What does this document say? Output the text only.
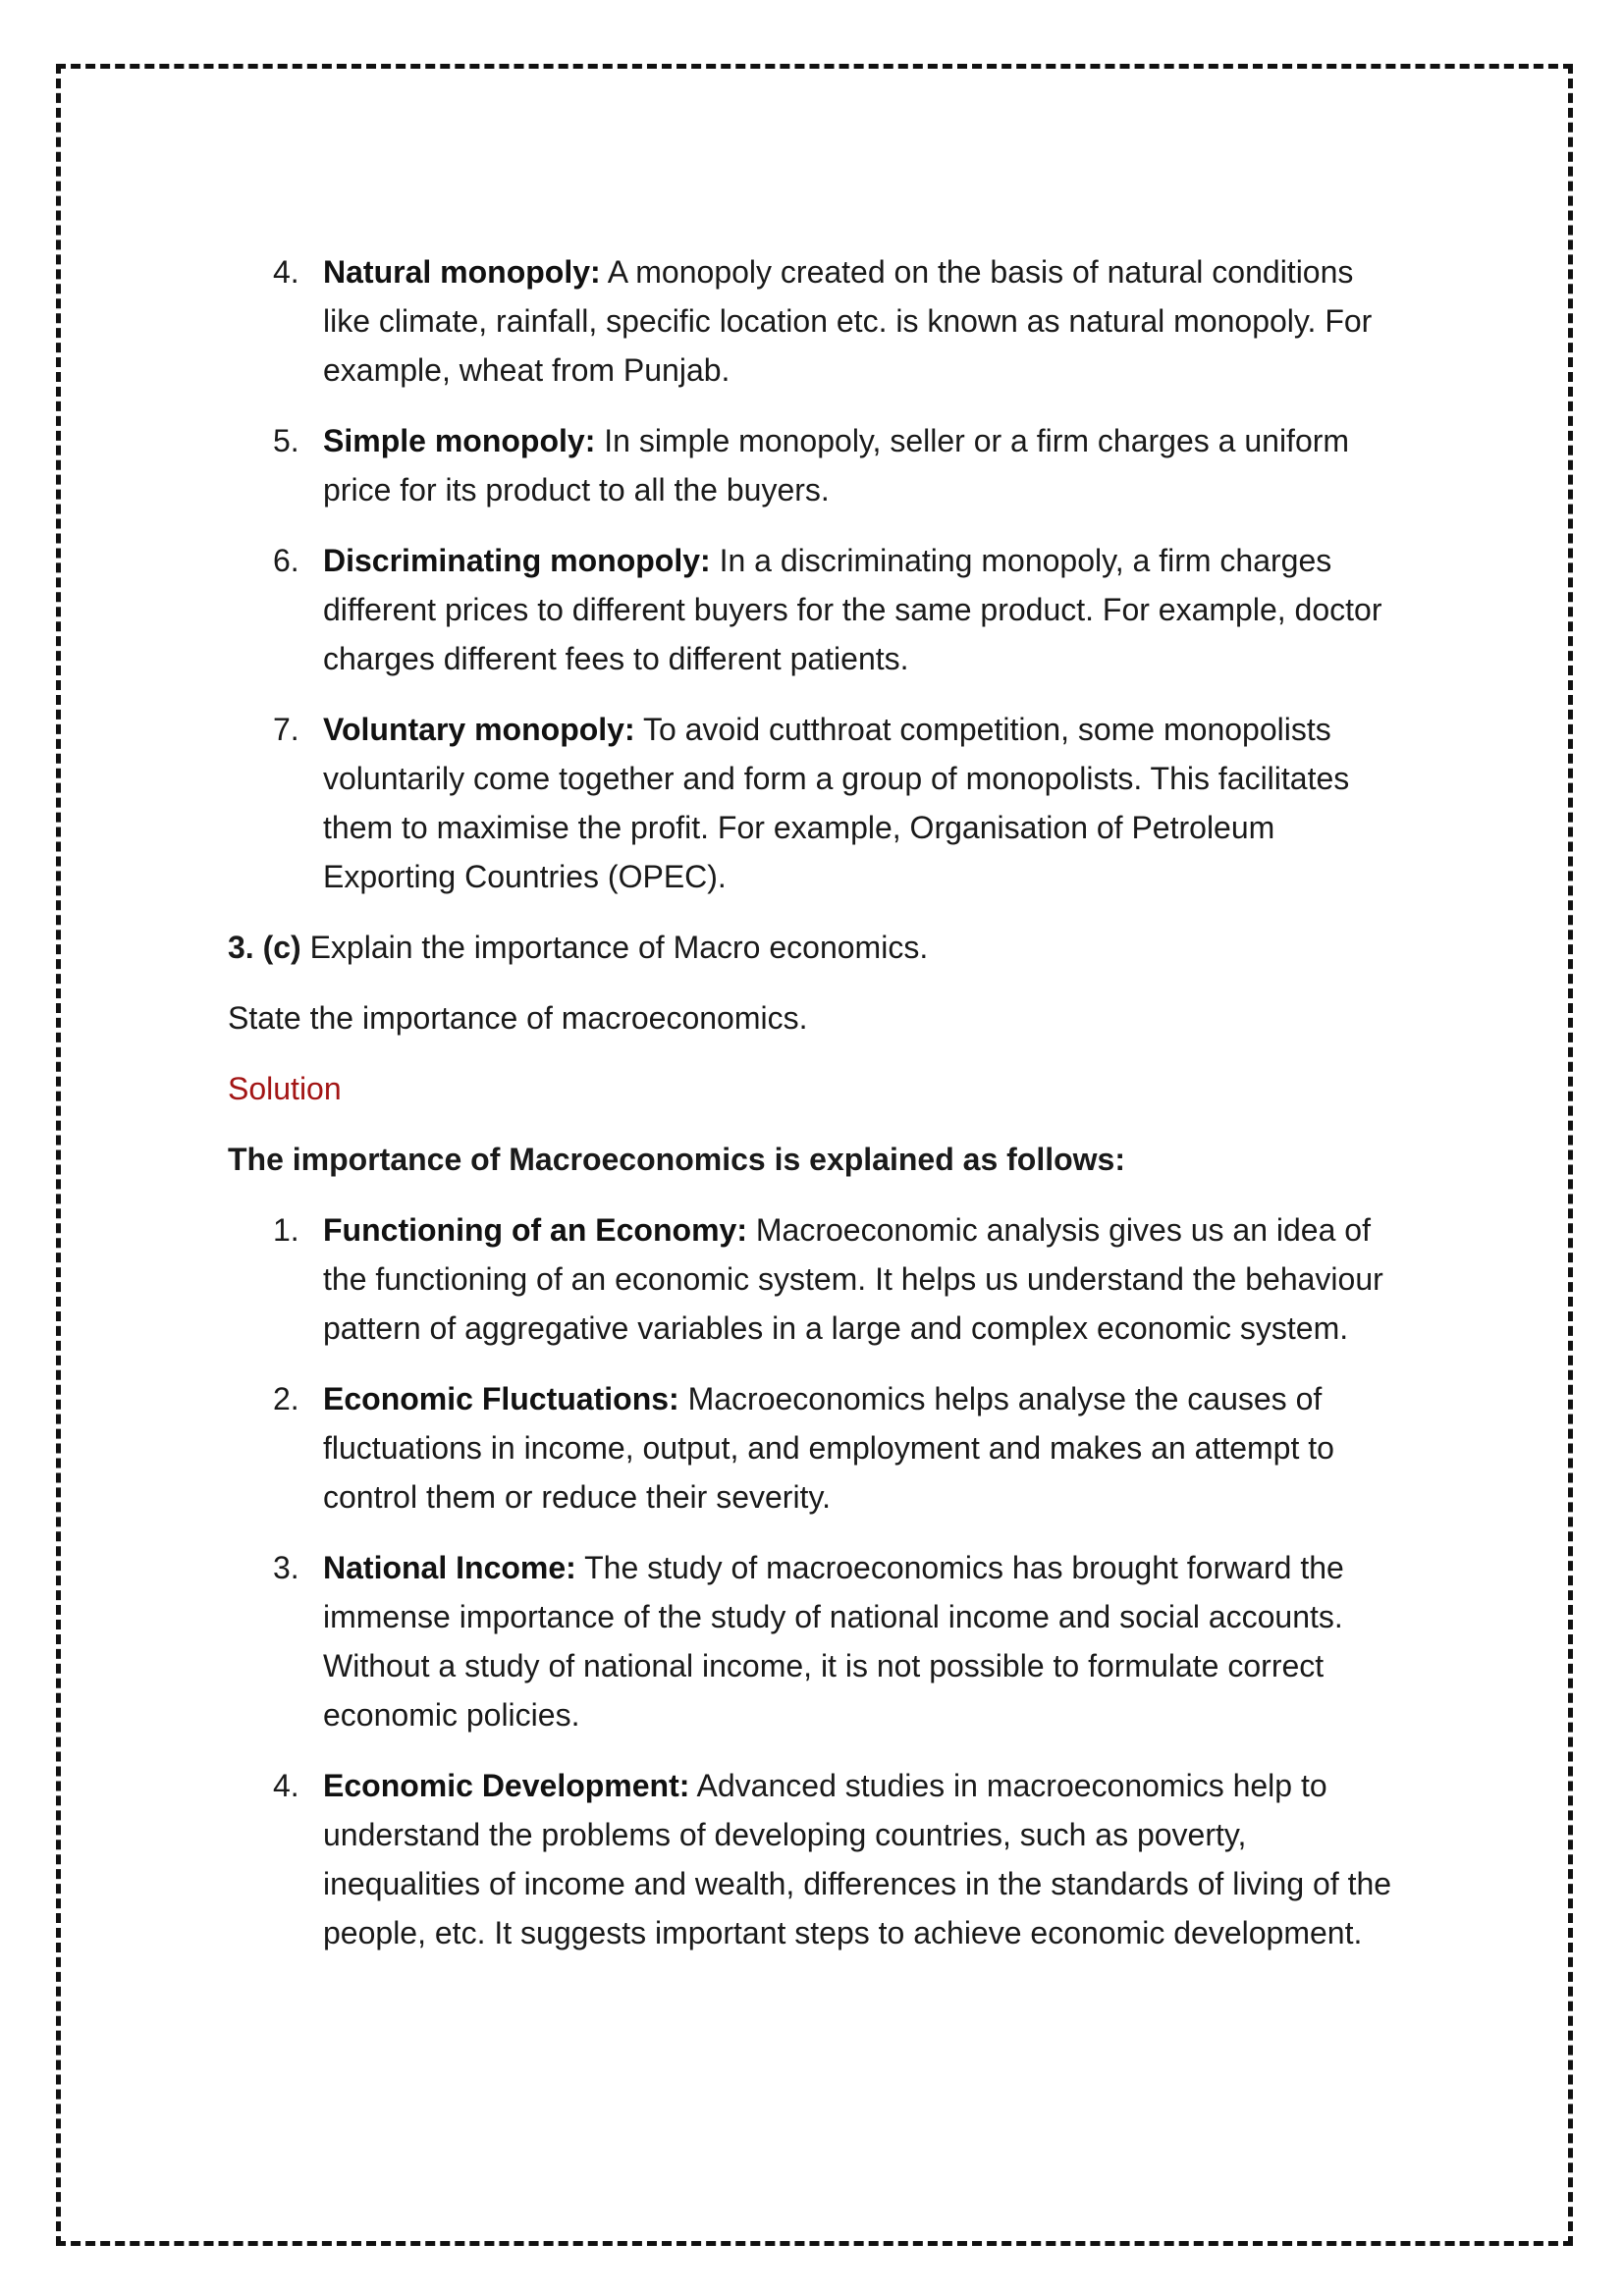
4. Natural monopoly: A monopoly created on the basis of natural conditions like climate, rainfall, specific location etc. is known as natural monopoly. For example, wheat from Punjab.
5. Simple monopoly: In simple monopoly, seller or a firm charges a uniform price for its product to all the buyers.
6. Discriminating monopoly: In a discriminating monopoly, a firm charges different prices to different buyers for the same product. For example, doctor charges different fees to different patients.
7. Voluntary monopoly: To avoid cutthroat competition, some monopolists voluntarily come together and form a group of monopolists. This facilitates them to maximise the profit. For example, Organisation of Petroleum Exporting Countries (OPEC).

3. (c) Explain the importance of Macro economics.

State the importance of macroeconomics.

Solution

The importance of Macroeconomics is explained as follows:

1. Functioning of an Economy: Macroeconomic analysis gives us an idea of the functioning of an economic system. It helps us understand the behaviour pattern of aggregative variables in a large and complex economic system.
2. Economic Fluctuations: Macroeconomics helps analyse the causes of fluctuations in income, output, and employment and makes an attempt to control them or reduce their severity.
3. National Income: The study of macroeconomics has brought forward the immense importance of the study of national income and social accounts. Without a study of national income, it is not possible to formulate correct economic policies.
4. Economic Development: Advanced studies in macroeconomics help to understand the problems of developing countries, such as poverty, inequalities of income and wealth, differences in the standards of living of the people, etc. It suggests important steps to achieve economic development.
